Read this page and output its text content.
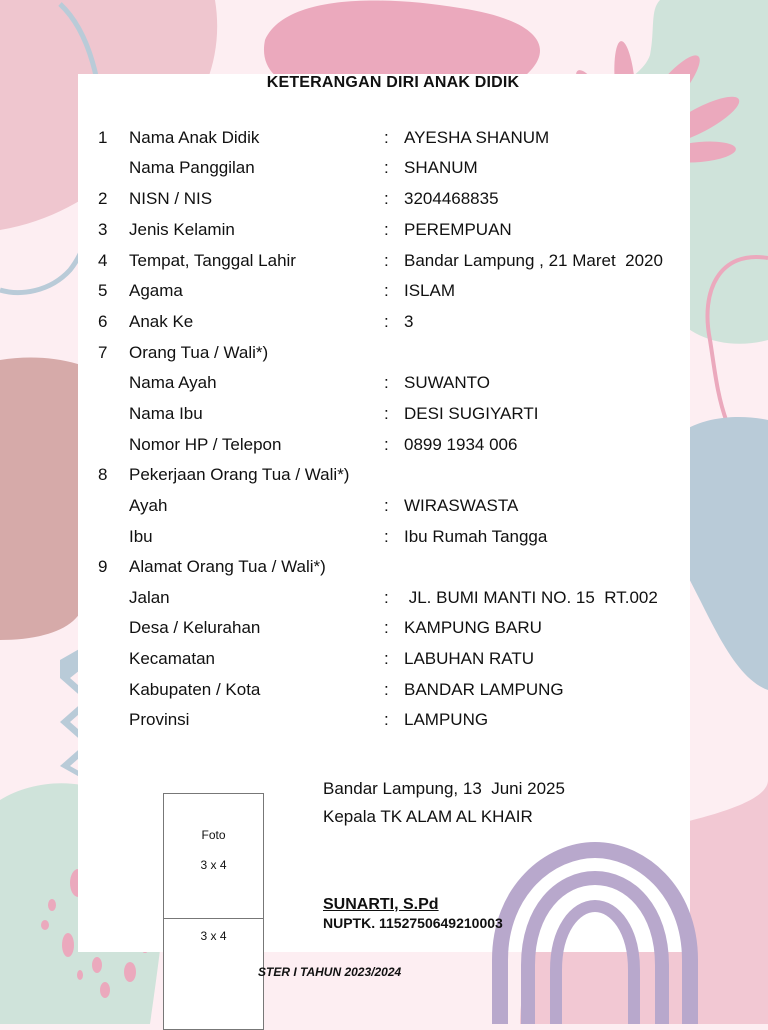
KETERANGAN DIRI ANAK DIDIK
1 Nama Anak Didik	: AYESHA SHANUM
Nama Panggilan	: SHANUM
2 NISN / NIS	: 3204468835
3 Jenis Kelamin	: PEREMPUAN
4 Tempat, Tanggal Lahir	: Bandar Lampung , 21 Maret  2020
5 Agama	: ISLAM
6 Anak Ke	: 3
7 Orang Tua / Wali*)
Nama Ayah	: SUWANTO
Nama Ibu	: DESI SUGIYARTI
Nomor HP / Telepon	: 0899 1934 006
8 Pekerjaan Orang Tua / Wali*)
Ayah	: WIRASWASTA
Ibu	: Ibu Rumah Tangga
9 Alamat Orang Tua / Wali*)
Jalan	: JL. BUMI MANTI NO. 15  RT.002
Desa / Kelurahan	: KAMPUNG BARU
Kecamatan	: LABUHAN RATU
Kabupaten / Kota	: BANDAR LAMPUNG
Provinsi	: LAMPUNG
Bandar Lampung, 13  Juni 2025
Kepala TK ALAM AL KHAIR
SUNARTI, S.Pd
NUPTK. 1152750649210003
Foto
3 x 4
3 x 4
STER I TAHUN 2023/2024
